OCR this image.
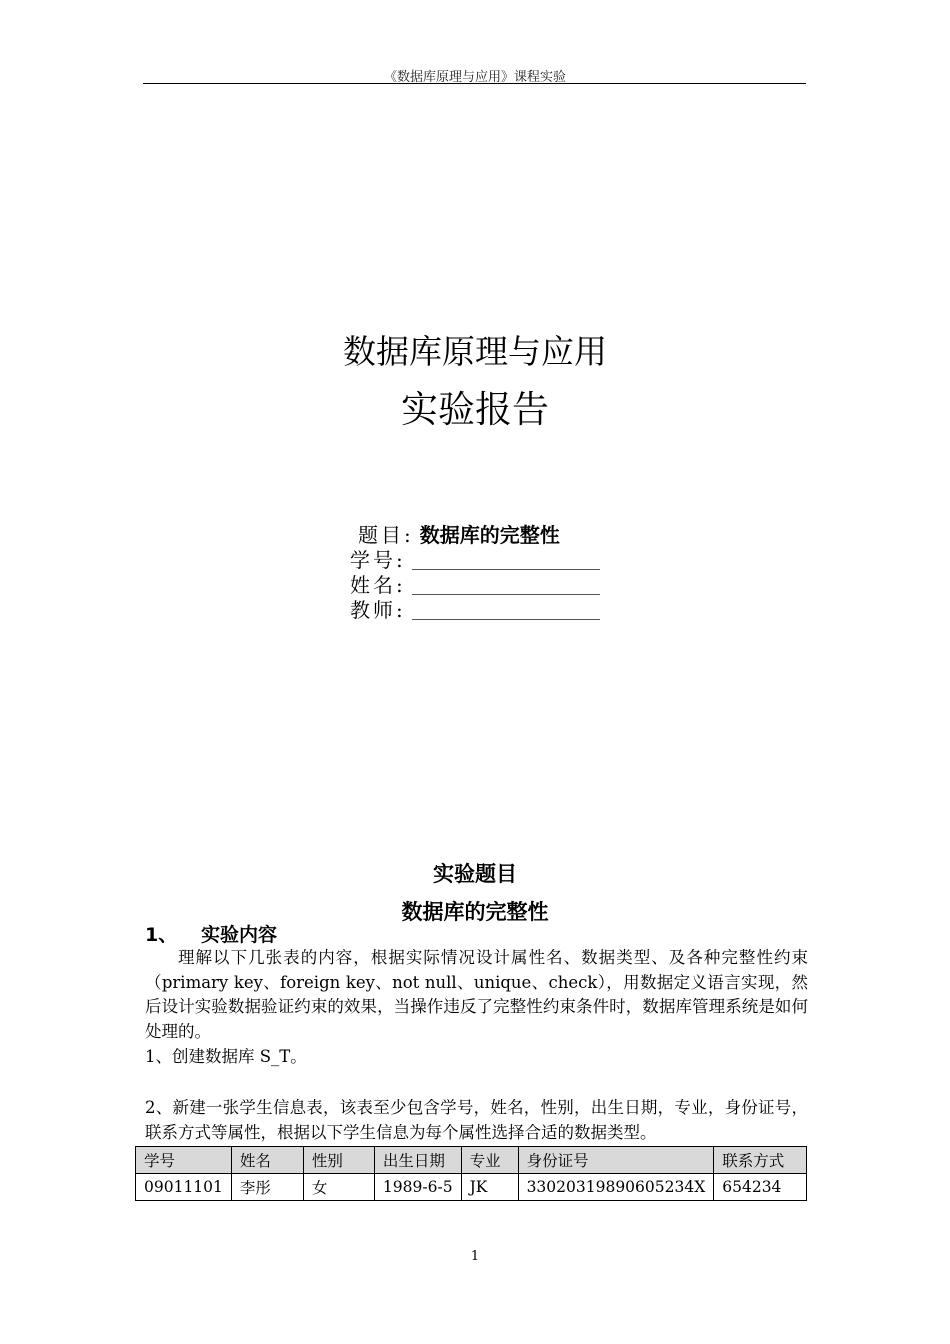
《数据库原理与应用》课程实验
数据库原理与应用
实验报告
题目: 数据库的完整性
学号:
姓名:
教师:
实验题目
数据库的完整性
1、 实验内容
理解以下几张表的内容，根据实际情况设计属性名、数据类型、及各种完整性约束（primary key、foreign key、not null、unique、check），用数据定义语言实现，然后设计实验数据验证约束的效果，当操作违反了完整性约束条件时，数据库管理系统是如何处理的。
1、创建数据库 S_T。
2、新建一张学生信息表，该表至少包含学号，姓名，性别，出生日期，专业，身份证号，联系方式等属性，根据以下学生信息为每个属性选择合适的数据类型。
学号	姓名	性别	出生日期	专业	身份证号	联系方式
09011101	李彤	女	1989-6-5	JK	33020319890605234X	654234
1
